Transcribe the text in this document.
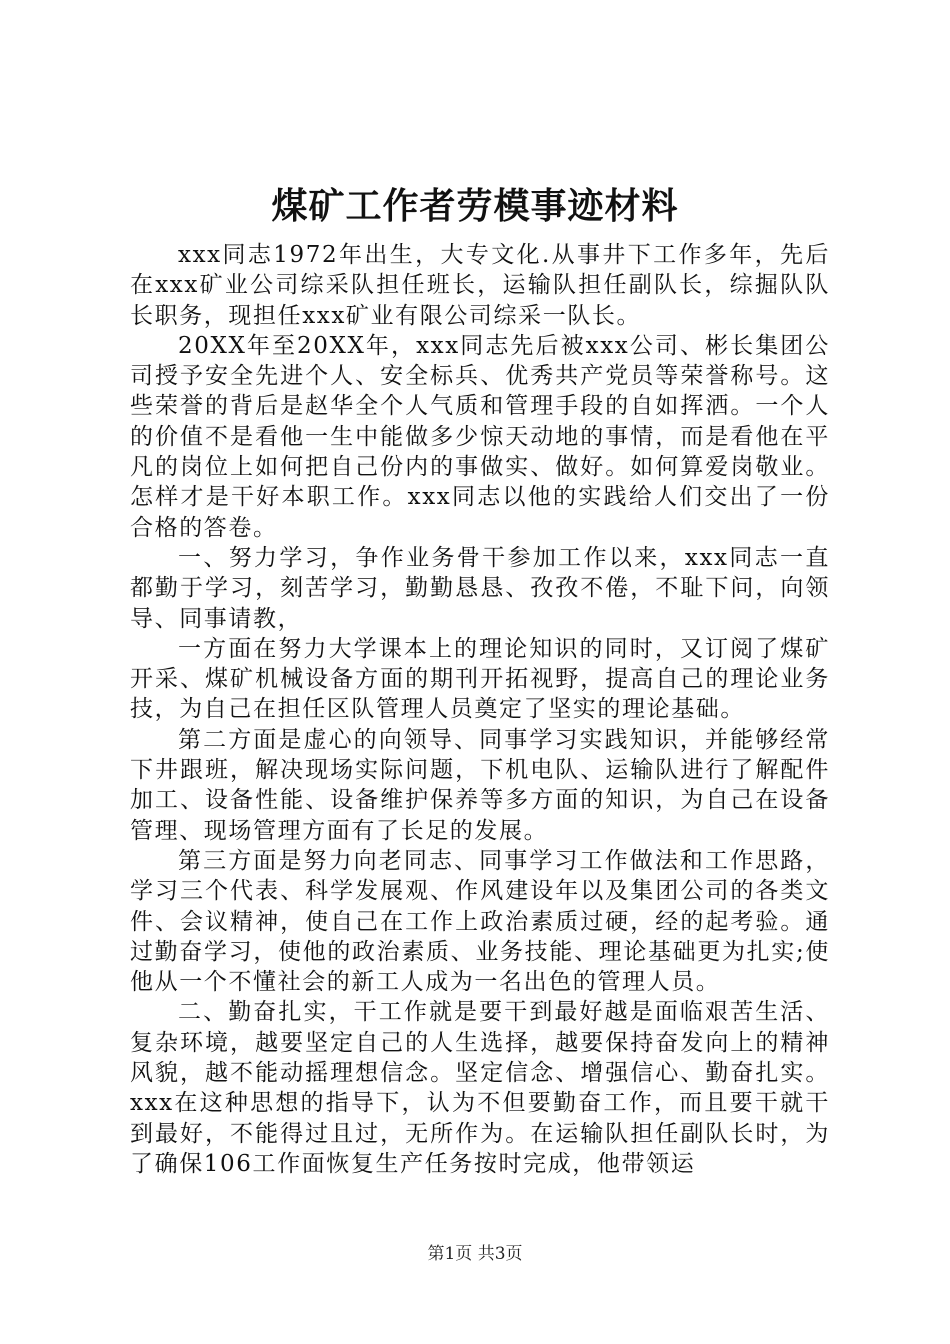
煤矿工作者劳模事迹材料

xxx同志1972年出生，大专文化.从事井下工作多年，先后在xxx矿业公司综采队担任班长，运输队担任副队长，综掘队队长职务，现担任xxx矿业有限公司综采一队长。

20XX年至20XX年，xxx同志先后被xxx公司、彬长集团公司授予安全先进个人、安全标兵、优秀共产党员等荣誉称号。这些荣誉的背后是赵华全个人气质和管理手段的自如挥洒。一个人的价值不是看他一生中能做多少惊天动地的事情，而是看他在平凡的岗位上如何把自己份内的事做实、做好。如何算爱岗敬业。怎样才是干好本职工作。xxx同志以他的实践给人们交出了一份合格的答卷。

一、努力学习，争作业务骨干参加工作以来，xxx同志一直都勤于学习，刻苦学习，勤勤恳恳、孜孜不倦，不耻下问，向领导、同事请教，

一方面在努力大学课本上的理论知识的同时，又订阅了煤矿开采、煤矿机械设备方面的期刊开拓视野，提高自己的理论业务技，为自己在担任区队管理人员奠定了坚实的理论基础。

第二方面是虚心的向领导、同事学习实践知识，并能够经常下井跟班，解决现场实际问题，下机电队、运输队进行了解配件加工、设备性能、设备维护保养等多方面的知识，为自己在设备管理、现场管理方面有了长足的发展。

第三方面是努力向老同志、同事学习工作做法和工作思路，学习三个代表、科学发展观、作风建设年以及集团公司的各类文件、会议精神，使自己在工作上政治素质过硬，经的起考验。通过勤奋学习，使他的政治素质、业务技能、理论基础更为扎实;使他从一个不懂社会的新工人成为一名出色的管理人员。

二、勤奋扎实，干工作就是要干到最好越是面临艰苦生活、复杂环境，越要坚定自己的人生选择，越要保持奋发向上的精神风貌，越不能动摇理想信念。坚定信念、增强信心、勤奋扎实。xxx在这种思想的指导下，认为不但要勤奋工作，而且要干就干到最好，不能得过且过，无所作为。在运输队担任副队长时，为了确保106工作面恢复生产任务按时完成，他带领运

第1页 共3页
